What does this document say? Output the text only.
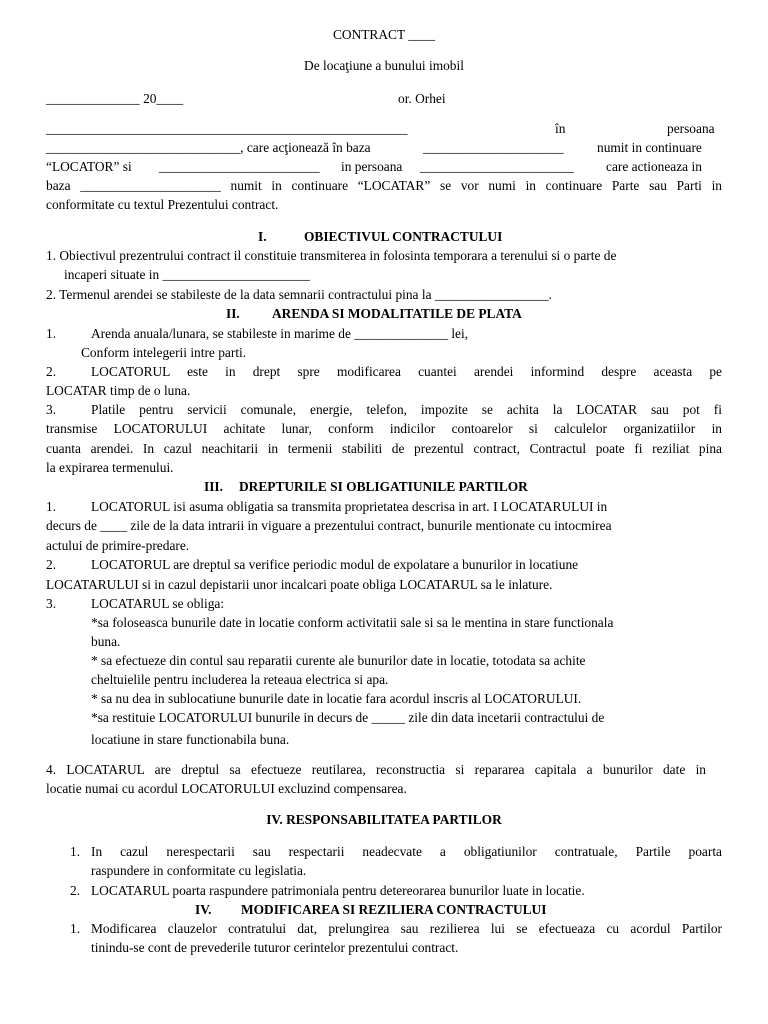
CONTRACT ____
De locaţiune a bunului imobil
______________ 20____	or. Orhei
______________________________________________________	în	persoana
_____________________________, care acţionează în baza	_____________________ numit in continuare
“LOCATOR” si ________________________ in persoana _______________________ care actioneaza in
baza _____________________ numit in continuare “LOCATAR” se vor numi in continuare Parte sau Parti in
conformitate cu textul Prezentului contract.
I.	OBIECTIVUL CONTRACTULUI
1. Obiectivul prezentrului contract il constituie transmiterea in folosinta temporara a terenului si o parte de
incaperi situate in ______________________
2. Termenul arendei se stabileste de la data semnarii contractului pina la _________________.
II. ARENDA SI MODALITATILE DE PLATA
1.	Arenda anuala/lunara, se stabileste in marime de ______________ lei,
Conform intelegerii intre parti.
2.	LOCATORUL este in drept spre modificarea cuantei arendei informind despre aceasta pe
LOCATAR timp de o luna.
3.	Platile pentru servicii comunale, energie, telefon, impozite se achita la LOCATAR sau pot fi
transmise LOCATORULUI achitate lunar, conform indicilor contoarelor si calculelor organizatiilor in
cuanta arendei. In cazul neachitarii in termenii stabiliti de prezentul contract, Contractul poate fi reziliat pina
la expirarea termenului.
III. DREPTURILE SI OBLIGATIUNILE PARTILOR
1.	LOCATORUL isi asuma obligatia sa transmita proprietatea descrisa in art. I LOCATARULUI in
decurs de ____ zile de la data intrarii in viguare a prezentului contract, bunurile mentionate cu intocmirea
actului de primire-predare.
2.	LOCATORUL are dreptul sa verifice periodic modul de expolatare a bunurilor in locatiune
LOCATARULUI si in cazul depistarii unor incalcari poate obliga LOCATARUL sa le inlature.
3.	LOCATARUL se obliga:
*sa foloseasca bunurile date in locatie conform activitatii sale si sa le mentina in stare functionala
buna.
* sa efectueze din contul sau reparatii curente ale bunurilor date in locatie, totodata sa achite
cheltuielile pentru includerea la reteaua electrica si apa.
* sa nu dea in sublocatiune bunurile date in locatie fara acordul inscris al LOCATORULUI.
*sa restituie LOCATORULUI bunurile in decurs de _____ zile din data incetarii contractului de
locatiune in stare functionabila buna.
4. LOCATARUL are dreptul sa efectueze reutilarea, reconstructia si repararea capitala a bunurilor date in
locatie numai cu acordul LOCATORULUI excluzind compensarea.
IV. RESPONSABILITATEA PARTILOR
1. In cazul nerespectarii sau respectarii neadecvate a obligatiunilor contratuale, Partile poarta
raspundere in conformitate cu legislatia.
2. LOCATARUL poarta raspundere patrimoniala pentru detereorarea bunurilor luate in locatie.
IV. MODIFICAREA SI REZILIERA CONTRACTULUI
1. Modificarea clauzelor contratului dat, prelungirea sau rezilierea lui se efectueaza cu acordul Partilor
tinindu-se cont de prevederile tuturor cerintelor prezentului contract.
